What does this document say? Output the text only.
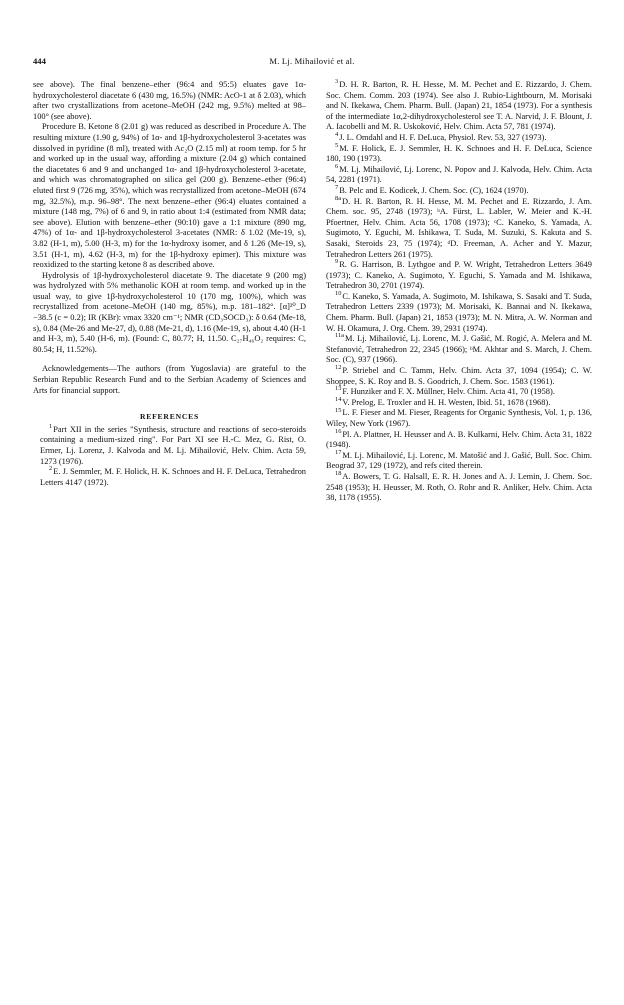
444	M. Lj. Mihailović et al.

see above). The final benzene–ether (96:4 and 95:5) eluates gave 1α-hydroxycholesterol diacetate 6 (430 mg, 16.5%) (NMR: AcO-1 at δ 2.03), which after two crystallizations from acetone–MeOH (242 mg, 9.5%) melted at 98–100° (see above).

Procedure B. Ketone 8 (2.01 g) was reduced as described in Procedure A. The resulting mixture (1.90 g, 94%) of 1α- and 1β-hydroxycholesterol 3-acetates was dissolved in pyridine (8 ml), treated with Ac₂O (2.15 ml) at room temp. for 5 hr and worked up in the usual way, affording a mixture (2.04 g) which contained the diacetates 6 and 9 and unchanged 1α- and 1β-hydroxycholesterol 3-acetate, and which was chromatographed on silica gel (200 g). Benzene–ether (96:4) eluted first 9 (726 mg, 35%), which was recrystallized from acetone–MeOH (674 mg, 32.5%), m.p. 96–98°. The next benzene–ether (96:4) eluates contained a mixture (148 mg, 7%) of 6 and 9, in ratio about 1:4 (estimated from NMR data; see above). Elution with benzene–ether (90:10) gave a 1:1 mixture (890 mg, 47%) of 1α- and 1β-hydroxycholesterol 3-acetates (NMR: δ 1.02 (Me-19, s), 3.82 (H-1, m), 5.00 (H-3, m) for the 1α-hydroxy isomer, and δ 1.26 (Me-19, s), 3.51 (H-1, m), 4.62 (H-3, m) for the 1β-hydroxy epimer). This mixture was reoxidized to the starting ketone 8 as described above.

Hydrolysis of 1β-hydroxycholesterol diacetate 9. The diacetate 9 (200 mg) was hydrolyzed with 5% methanolic KOH at room temp. and worked up in the usual way, to give 1β-hydroxycholesterol 10 (170 mg, 100%), which was recrystallized from acetone–MeOH (140 mg, 85%), m.p. 181–182°. [α]²⁰_D −38.5 (c = 0.2); IR (KBr): νmax 3320 cm⁻¹; NMR (CD₃SOCD₃): δ 0.64 (Me-18, s), 0.84 (Me-26 and Me-27, d), 0.88 (Me-21, d), 1.16 (Me-19, s), about 4.40 (H-1 and H-3, m), 5.40 (H-6, m). (Found: C, 80.77; H, 11.50. C₂₇H₄₆O₂ requires: C, 80.54; H, 11.52%).

Acknowledgements—The authors (from Yugoslavia) are grateful to the Serbian Republic Research Fund and to the Serbian Academy of Sciences and Arts for financial support.

REFERENCES

$^1$Part XII in the series "Synthesis, structure and reactions of seco-steroids containing a medium-sized ring". For Part XI see H.-C. Mez, G. Rist, O. Ermer, Lj. Lorenz, J. Kalvoda and M. Lj. Mihailović, Helv. Chim. Acta 59, 1273 (1976).

$^2$E. J. Semmler, M. F. Holick, H. K. Schnoes and H. F. DeLuca, Tetrahedron Letters 4147 (1972).

$^3$D. H. R. Barton, R. H. Hesse, M. M. Pechet and E. Rizzardo, J. Chem. Soc. Chem. Comm. 203 (1974). See also J. Rubio-Lightbourn, M. Morisaki and N. Ikekawa, Chem. Pharm. Bull. (Japan) 21, 1854 (1973). For a synthesis of the intermediate 1α,2-dihydroxycholesterol see T. A. Narvid, J. F. Blount, J. A. Iacobelli and M. R. Uskoković, Helv. Chim. Acta 57, 781 (1974).

$^4$J. L. Omdahl and H. F. DeLuca, Physiol. Rev. 53, 327 (1973).

$^5$M. F. Holick, E. J. Semmler, H. K. Schnoes and H. F. DeLuca, Science 180, 190 (1973).

$^6$M. Lj. Mihailović, Lj. Lorenc, N. Popov and J. Kalvoda, Helv. Chim. Acta 54, 2281 (1971).

$^7$B. Pelc and E. Kodicek, J. Chem. Soc. (C), 1624 (1970).

$^{8a}$D. H. R. Barton, R. H. Hesse, M. M. Pechet and E. Rizzardo, J. Am. Chem. soc. 95, 2748 (1973); ᵇA. Fürst, L. Labler, W. Meier and K.-H. Pfoertner, Helv. Chim. Acta 56, 1708 (1973); ᶜC. Kaneko, S. Yamada, A. Sugimoto, Y. Eguchi, M. Ishikawa, T. Suda, M. Suzuki, S. Kakuta and S. Sasaki, Steroids 23, 75 (1974); ᵈD. Freeman, A. Acher and Y. Mazur, Tetrahedron Letters 261 (1975).

$^9$R. G. Harrison, B. Lythgoe and P. W. Wright, Tetrahedron Letters 3649 (1973); C. Kaneko, A. Sugimoto, Y. Eguchi, S. Yamada and M. Ishikawa, Tetrahedron 30, 2701 (1974).

$^{10}$C. Kaneko, S. Yamada, A. Sugimoto, M. Ishikawa, S. Sasaki and T. Suda, Tetrahedron Letters 2339 (1973); M. Morisaki, K. Bannai and N. Ikekawa, Chem. Pharm. Bull. (Japan) 21, 1853 (1973); M. N. Mitra, A. W. Norman and W. H. Okamura, J. Org. Chem. 39, 2931 (1974).

$^{11a}$M. Lj. Mihailović, Lj. Lorenc, M. J. Gašić, M. Rogić, A. Melera and M. Stefanović, Tetrahedron 22, 2345 (1966); ᵇM. Akhtar and S. March, J. Chem. Soc. (C), 937 (1966).

$^{12}$P. Striebel and C. Tamm, Helv. Chim. Acta 37, 1094 (1954); C. W. Shoppee, S. K. Roy and B. S. Goodrich, J. Chem. Soc. 1583 (1961).

$^{13}$F. Hunziker and F. X. Müllner, Helv. Chim. Acta 41, 70 (1958).

$^{14}$V. Prelog, E. Troxler and H. H. Westen, Ibid. 51, 1678 (1968).

$^{15}$L. F. Fieser and M. Fieser, Reagents for Organic Synthesis, Vol. 1, p. 136, Wiley, New York (1967).

$^{16}$Pl. A. Plattner, H. Heusser and A. B. Kulkarni, Helv. Chim. Acta 31, 1822 (1948).

$^{17}$M. Lj. Mihailović, Lj. Lorenc, M. Matošić and J. Gašić, Bull. Soc. Chim. Beograd 37, 129 (1972), and refs cited therein.

$^{18}$A. Bowers, T. G. Halsall, E. R. H. Jones and A. J. Lemin, J. Chem. Soc. 2548 (1953); H. Heusser, M. Roth, O. Rohr and R. Anliker, Helv. Chim. Acta 38, 1178 (1955).
